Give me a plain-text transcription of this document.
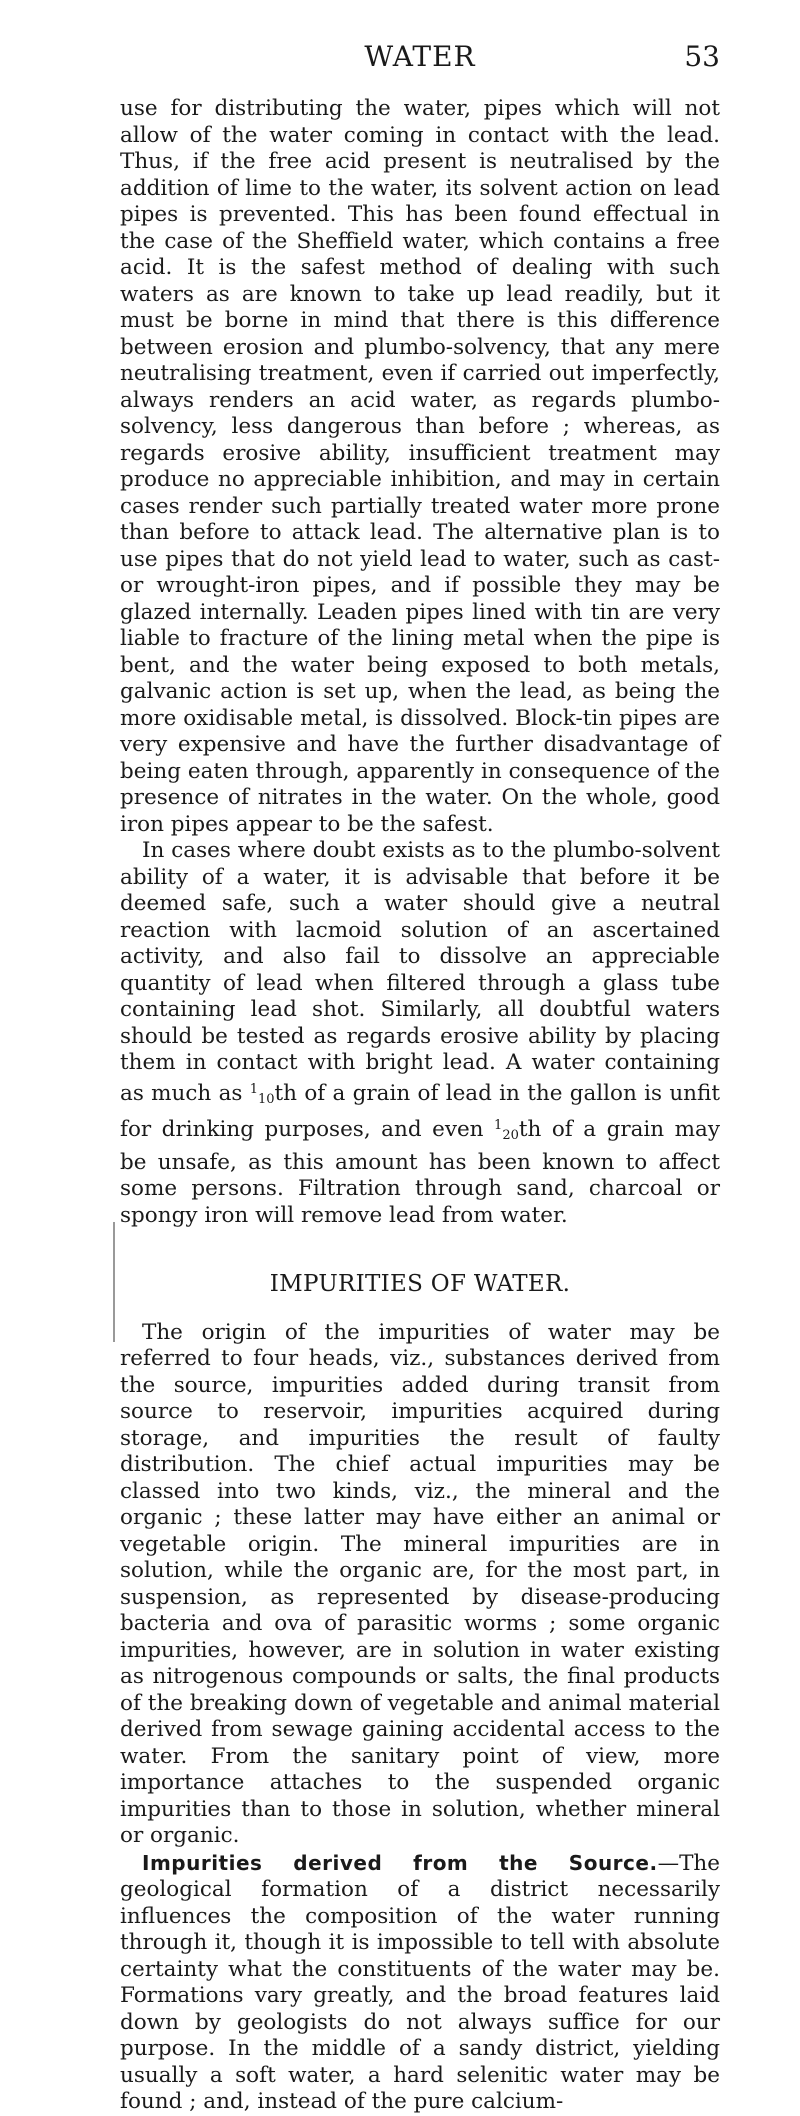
WATER	53

use for distributing the water, pipes which will not allow of the water coming in contact with the lead. Thus, if the free acid present is neutralised by the addition of lime to the water, its solvent action on lead pipes is prevented. This has been found effectual in the case of the Sheffield water, which contains a free acid. It is the safest method of dealing with such waters as are known to take up lead readily, but it must be borne in mind that there is this difference between erosion and plumbo-solvency, that any mere neutralising treatment, even if carried out imperfectly, always renders an acid water, as regards plumbo-solvency, less dangerous than before ; whereas, as regards erosive ability, insufficient treatment may produce no appreciable inhibition, and may in certain cases render such partially treated water more prone than before to attack lead. The alternative plan is to use pipes that do not yield lead to water, such as cast- or wrought-iron pipes, and if possible they may be glazed internally. Leaden pipes lined with tin are very liable to fracture of the lining metal when the pipe is bent, and the water being exposed to both metals, galvanic action is set up, when the lead, as being the more oxidisable metal, is dissolved. Block-tin pipes are very expensive and have the further disadvantage of being eaten through, apparently in consequence of the presence of nitrates in the water. On the whole, good iron pipes appear to be the safest.

In cases where doubt exists as to the plumbo-solvent ability of a water, it is advisable that before it be deemed safe, such a water should give a neutral reaction with lacmoid solution of an ascertained activity, and also fail to dissolve an appreciable quantity of lead when filtered through a glass tube containing lead shot. Similarly, all doubtful waters should be tested as regards erosive ability by placing them in contact with bright lead. A water containing as much as 110th of a grain of lead in the gallon is unfit for drinking purposes, and even 120th of a grain may be unsafe, as this amount has been known to affect some persons. Filtration through sand, charcoal or spongy iron will remove lead from water.

IMPURITIES OF WATER.

The origin of the impurities of water may be referred to four heads, viz., substances derived from the source, impurities added during transit from source to reservoir, impurities acquired during storage, and impurities the result of faulty distribution. The chief actual impurities may be classed into two kinds, viz., the mineral and the organic ; these latter may have either an animal or vegetable origin. The mineral impurities are in solution, while the organic are, for the most part, in suspension, as represented by disease-producing bacteria and ova of parasitic worms ; some organic impurities, however, are in solution in water existing as nitrogenous compounds or salts, the final products of the breaking down of vegetable and animal material derived from sewage gaining accidental access to the water. From the sanitary point of view, more importance attaches to the suspended organic impurities than to those in solution, whether mineral or organic.

Impurities derived from the Source.—The geological formation of a district necessarily influences the composition of the water running through it, though it is impossible to tell with absolute certainty what the constituents of the water may be. Formations vary greatly, and the broad features laid down by geologists do not always suffice for our purpose. In the middle of a sandy district, yielding usually a soft water, a hard selenitic water may be found ; and, instead of the pure calcium-
